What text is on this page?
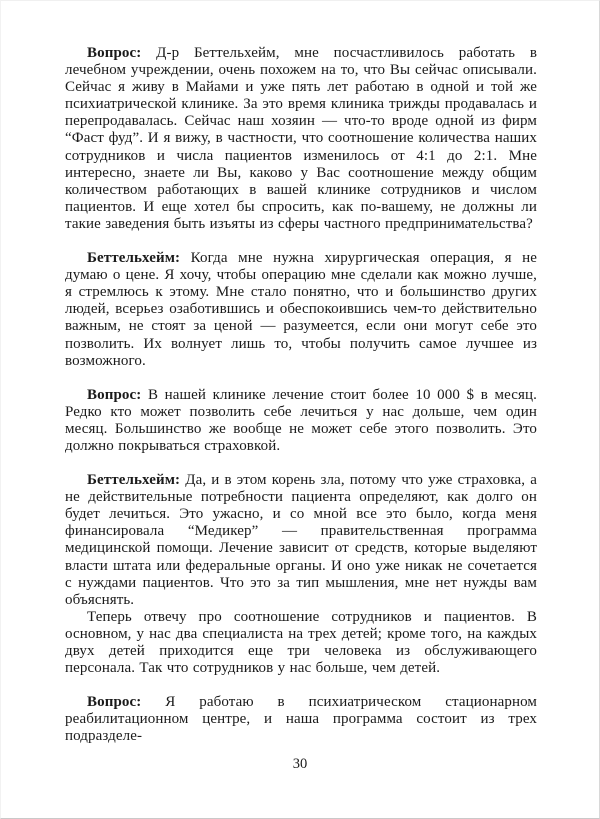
Вопрос: Д-р Беттельхейм, мне посчастливилось работать в лечебном учреждении, очень похожем на то, что Вы сейчас описывали. Сейчас я живу в Майами и уже пять лет работаю в одной и той же психиатрической клинике. За это время клиника трижды продавалась и перепродавалась. Сейчас наш хозяин — что-то вроде одной из фирм “Фаст фуд”. И я вижу, в частности, что соотношение количества наших сотрудников и числа пациентов изменилось от 4:1 до 2:1. Мне интересно, знаете ли Вы, каково у Вас соотношение между общим количеством работающих в вашей клинике сотрудников и числом пациентов. И еще хотел бы спросить, как по-вашему, не должны ли такие заведения быть изъяты из сферы частного предпринимательства?

Беттельхейм: Когда мне нужна хирургическая операция, я не думаю о цене. Я хочу, чтобы операцию мне сделали как можно лучше, я стремлюсь к этому. Мне стало понятно, что и большинство других людей, всерьез озаботившись и обеспокоившись чем-то действительно важным, не стоят за ценой — разумеется, если они могут себе это позволить. Их волнует лишь то, чтобы получить самое лучшее из возможного.

Вопрос: В нашей клинике лечение стоит более 10 000 $ в месяц. Редко кто может позволить себе лечиться у нас дольше, чем один месяц. Большинство же вообще не может себе этого позволить. Это должно покрываться страховкой.

Беттельхейм: Да, и в этом корень зла, потому что уже страховка, а не действительные потребности пациента определяют, как долго он будет лечиться. Это ужасно, и со мной все это было, когда меня финансировала “Медикер” — правительственная программа медицинской помощи. Лечение зависит от средств, которые выделяют власти штата или федеральные органы. И оно уже никак не сочетается с нуждами пациентов. Что это за тип мышления, мне нет нужды вам объяснять.

Теперь отвечу про соотношение сотрудников и пациентов. В основном, у нас два специалиста на трех детей; кроме того, на каждых двух детей приходится еще три человека из обслуживающего персонала. Так что сотрудников у нас больше, чем детей.

Вопрос: Я работаю в психиатрическом стационарном реабилитационном центре, и наша программа состоит из трех подразделе-

30
